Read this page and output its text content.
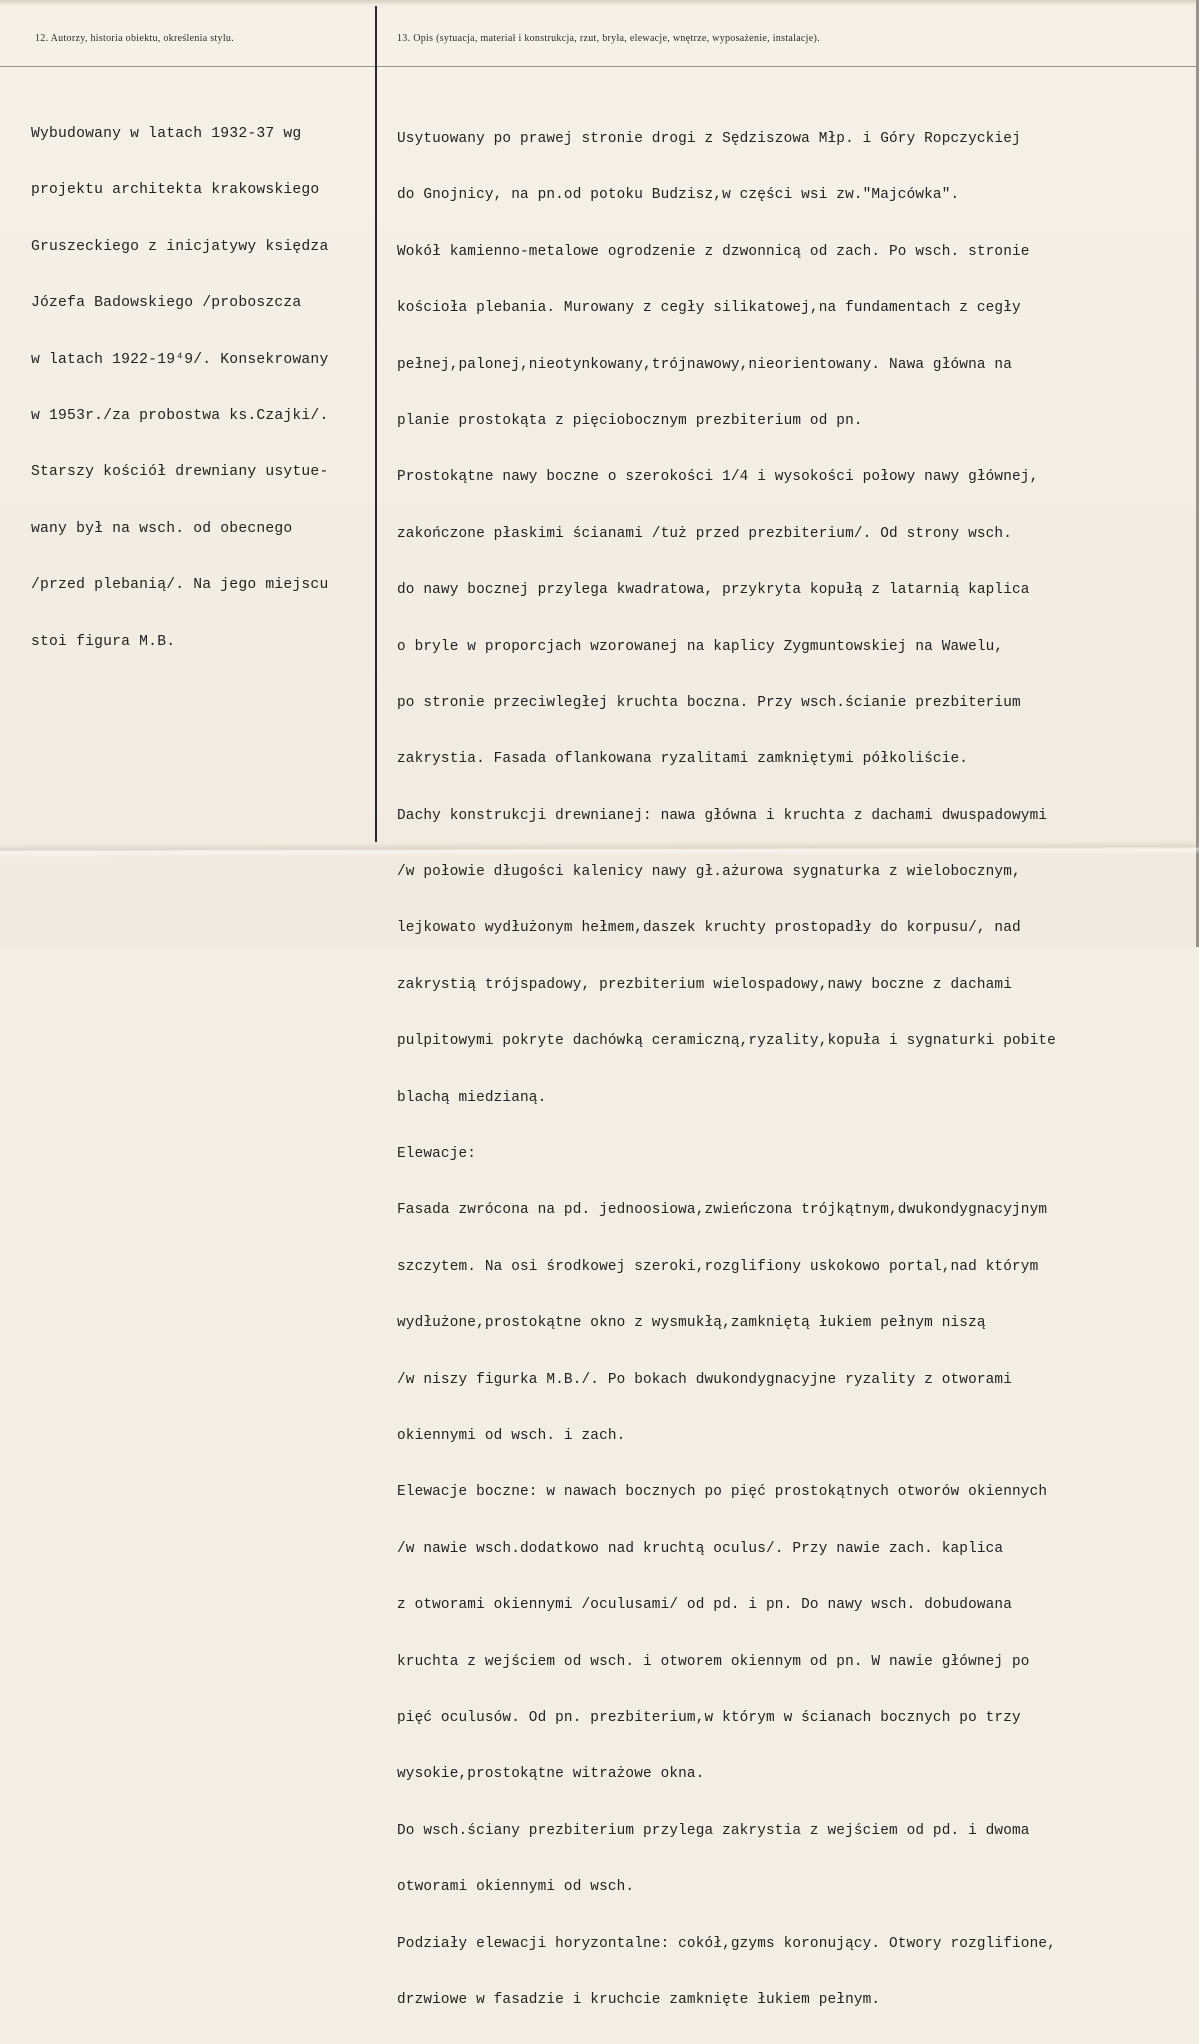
12. Autorzy, historia obiektu, określenia stylu.	13. Opis (sytuacja, materiał i konstrukcja, rzut, bryła, elewacje, wnętrze, wyposażenie, instalacje).

Wybudowany w latach 1932-37 wg

projektu architekta krakowskiego

Gruszeckiego z inicjatywy księdza

Józefa Badowskiego /proboszcza

w latach 1922-19⁴9/. Konsekrowany

w 1953r./za probostwa ks.Czajki/.

Starszy kościół drewniany usytue-

wany był na wsch. od obecnego

/przed plebanią/. Na jego miejscu

stoi figura M.B.

Usytuowany po prawej stronie drogi z Sędziszowa Młp. i Góry Ropczyckiej

do Gnojnicy, na pn.od potoku Budzisz,w części wsi zw."Majcówka".

Wokół kamienno-metalowe ogrodzenie z dzwonnicą od zach. Po wsch. stronie

kościoła plebania. Murowany z cegły silikatowej,na fundamentach z cegły

pełnej,palonej,nieotynkowany,trójnawowy,nieorientowany. Nawa główna na

planie prostokąta z pięciobocznym prezbiterium od pn.

Prostokątne nawy boczne o szerokości 1/4 i wysokości połowy nawy głównej,

zakończone płaskimi ścianami /tuż przed prezbiterium/. Od strony wsch.

do nawy bocznej przylega kwadratowa, przykryta kopułą z latarnią kaplica

o bryle w proporcjach wzorowanej na kaplicy Zygmuntowskiej na Wawelu,

po stronie przeciwległej kruchta boczna. Przy wsch.ścianie prezbiterium

zakrystia. Fasada oflankowana ryzalitami zamkniętymi półkoliście.

Dachy konstrukcji drewnianej: nawa główna i kruchta z dachami dwuspadowymi

/w połowie długości kalenicy nawy gł.ażurowa sygnaturka z wielobocznym,

lejkowato wydłużonym hełmem,daszek kruchty prostopadły do korpusu/, nad

zakrystią trójspadowy, prezbiterium wielospadowy,nawy boczne z dachami

pulpitowymi pokryte dachówką ceramiczną,ryzality,kopuła i sygnaturki pobite

blachą miedzianą.

Elewacje:

Fasada zwrócona na pd. jednoosiowa,zwieńczona trójkątnym,dwukondygnacyjnym

szczytem. Na osi środkowej szeroki,rozglifiony uskokowo portal,nad którym

wydłużone,prostokątne okno z wysmukłą,zamkniętą łukiem pełnym niszą

/w niszy figurka M.B./. Po bokach dwukondygnacyjne ryzality z otworami

okiennymi od wsch. i zach.

Elewacje boczne: w nawach bocznych po pięć prostokątnych otworów okiennych

/w nawie wsch.dodatkowo nad kruchtą oculus/. Przy nawie zach. kaplica

z otworami okiennymi /oculusami/ od pd. i pn. Do nawy wsch. dobudowana

kruchta z wejściem od wsch. i otworem okiennym od pn. W nawie głównej po

pięć oculusów. Od pn. prezbiterium,w którym w ścianach bocznych po trzy

wysokie,prostokątne witrażowe okna.

Do wsch.ściany prezbiterium przylega zakrystia z wejściem od pd. i dwoma

otworami okiennymi od wsch.

Podziały elewacji horyzontalne: cokół,gzyms koronujący. Otwory rozglifione,

drzwiowe w fasadzie i kruchcie zamknięte łukiem pełnym.
